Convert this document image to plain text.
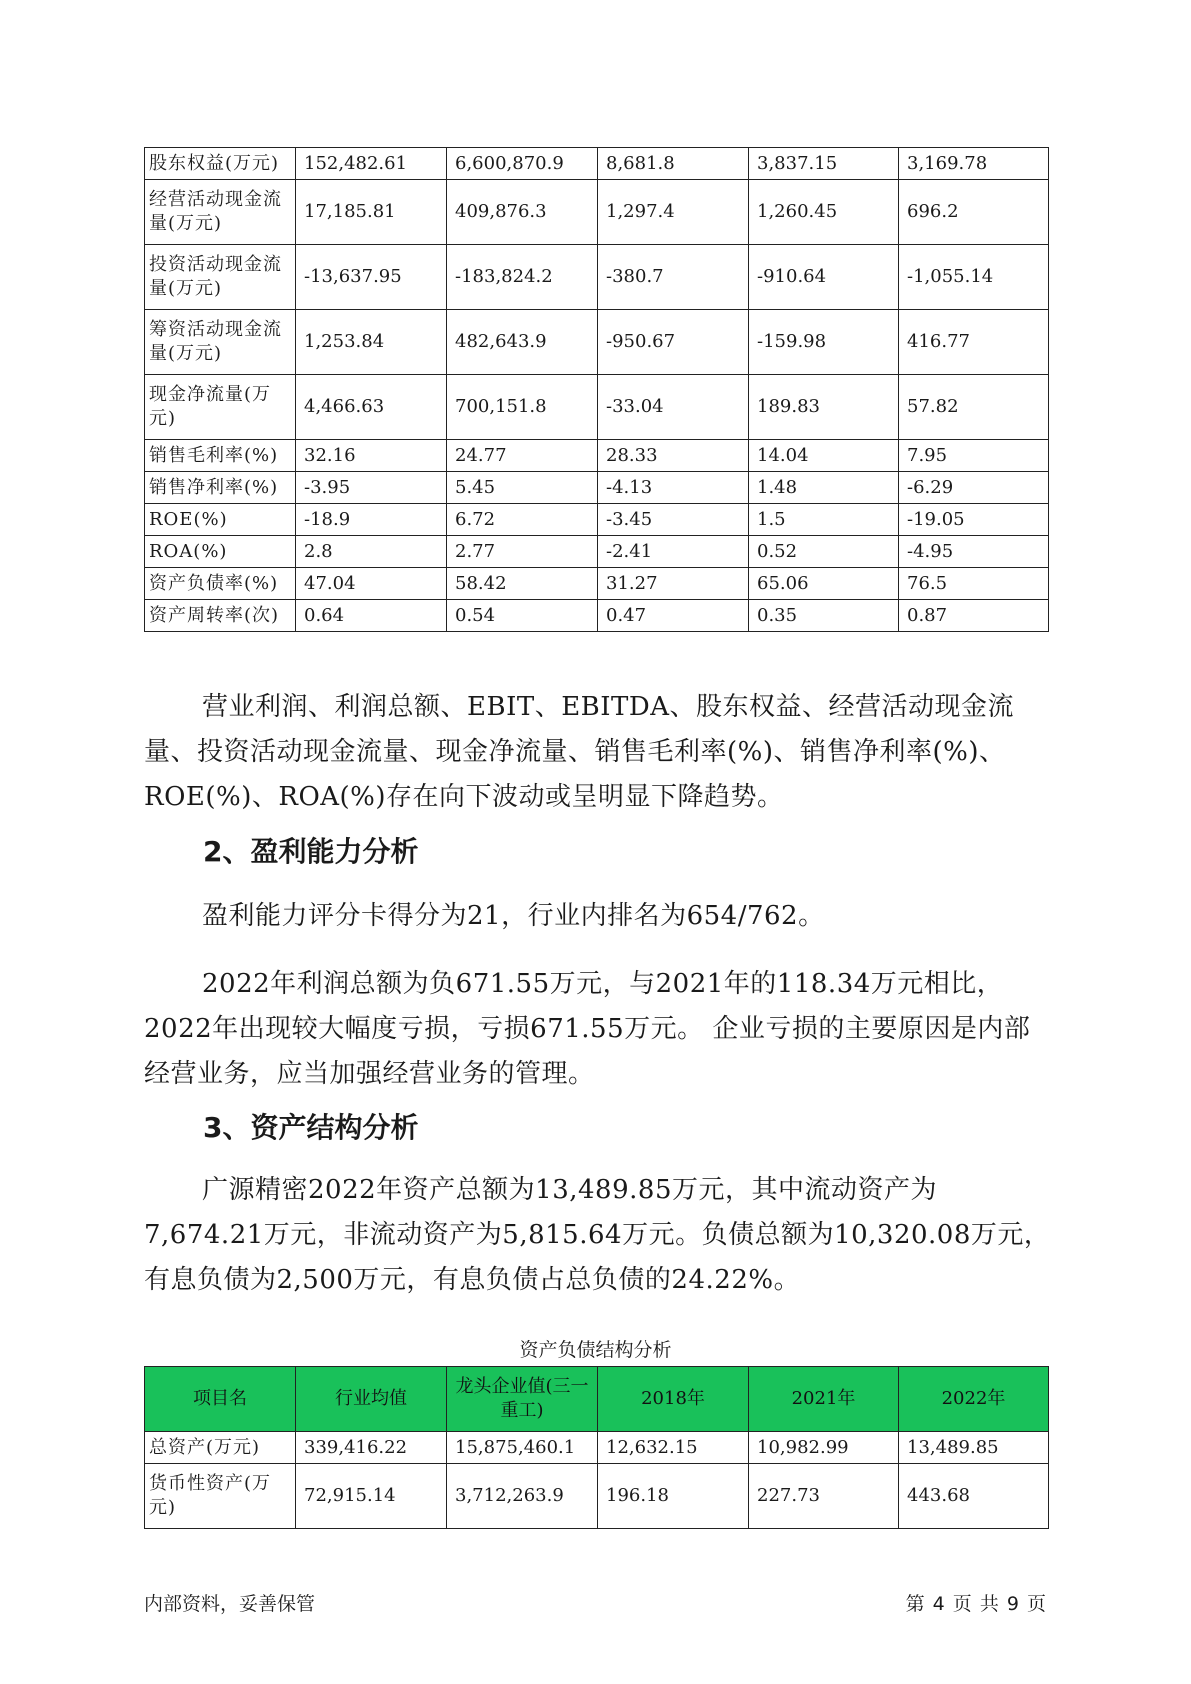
股东权益(万元)	152,482.61	6,600,870.9	8,681.8	3,837.15	3,169.78
经营活动现金流量(万元)	17,185.81	409,876.3	1,297.4	1,260.45	696.2
投资活动现金流量(万元)	-13,637.95	-183,824.2	-380.7	-910.64	-1,055.14
筹资活动现金流量(万元)	1,253.84	482,643.9	-950.67	-159.98	416.77
现金净流量(万元)	4,466.63	700,151.8	-33.04	189.83	57.82
销售毛利率(%)	32.16	24.77	28.33	14.04	7.95
销售净利率(%)	-3.95	5.45	-4.13	1.48	-6.29
ROE(%)	-18.9	6.72	-3.45	1.5	-19.05
ROA(%)	2.8	2.77	-2.41	0.52	-4.95
资产负债率(%)	47.04	58.42	31.27	65.06	76.5
资产周转率(次)	0.64	0.54	0.47	0.35	0.87

营业利润、利润总额、EBIT、EBITDA、股东权益、经营活动现金流量、投资活动现金流量、现金净流量、销售毛利率(%)、销售净利率(%)、ROE(%)、ROA(%)存在向下波动或呈明显下降趋势。

2、盈利能力分析

盈利能力评分卡得分为21，行业内排名为654/762。

2022年利润总额为负671.55万元，与2021年的118.34万元相比，2022年出现较大幅度亏损，亏损671.55万元。 企业亏损的主要原因是内部经营业务，应当加强经营业务的管理。

3、资产结构分析

广源精密2022年资产总额为13,489.85万元，其中流动资产为7,674.21万元，非流动资产为5,815.64万元。负债总额为10,320.08万元，有息负债为2,500万元，有息负债占总负债的24.22%。

资产负债结构分析
项目名	行业均值	龙头企业值(三一重工)	2018年	2021年	2022年
总资产(万元)	339,416.22	15,875,460.1	12,632.15	10,982.99	13,489.85
货币性资产(万元)	72,915.14	3,712,263.9	196.18	227.73	443.68
内部资料，妥善保管	第 4 页 共 9 页
